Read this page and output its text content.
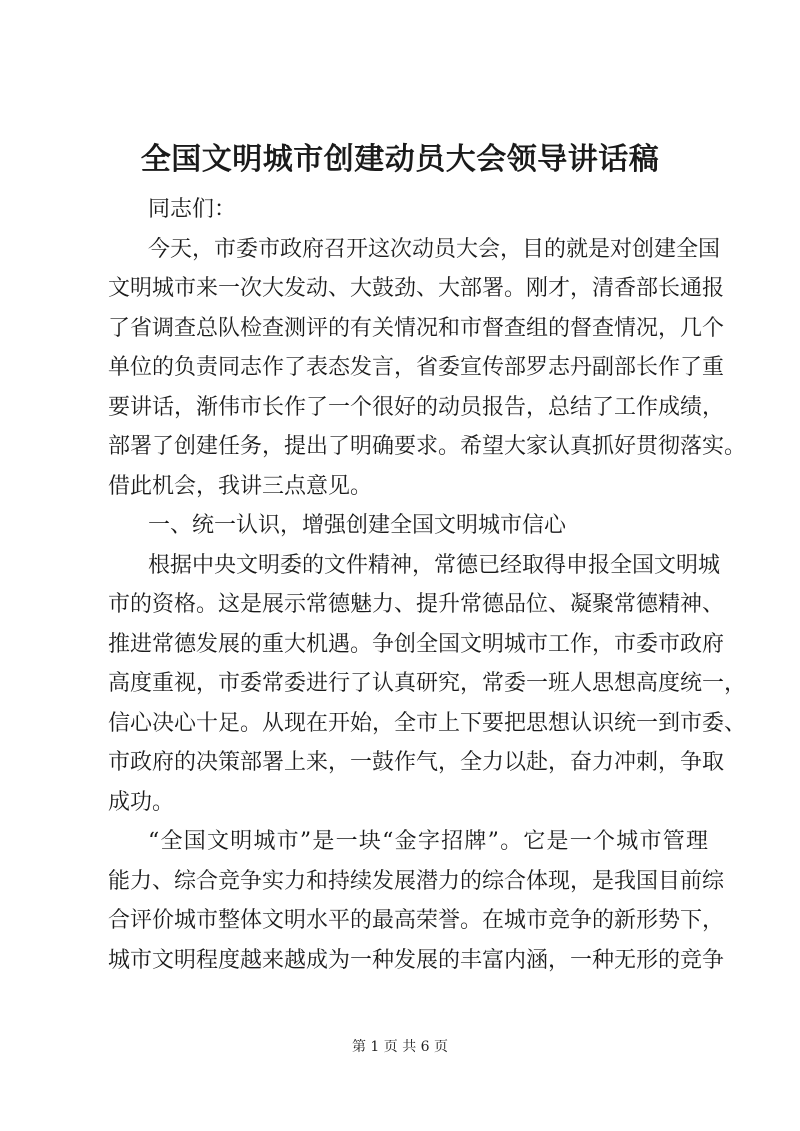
全国文明城市创建动员大会领导讲话稿
同志们：
今天，市委市政府召开这次动员大会，目的就是对创建全国
文明城市来一次大发动、大鼓劲、大部署。刚才，清香部长通报
了省调查总队检查测评的有关情况和市督查组的督查情况，几个
单位的负责同志作了表态发言，省委宣传部罗志丹副部长作了重
要讲话，渐伟市长作了一个很好的动员报告，总结了工作成绩，
部署了创建任务，提出了明确要求。希望大家认真抓好贯彻落实。
借此机会，我讲三点意见。
一、统一认识，增强创建全国文明城市信心
根据中央文明委的文件精神，常德已经取得申报全国文明城
市的资格。这是展示常德魅力、提升常德品位、凝聚常德精神、
推进常德发展的重大机遇。争创全国文明城市工作，市委市政府
高度重视，市委常委进行了认真研究，常委一班人思想高度统一，
信心决心十足。从现在开始，全市上下要把思想认识统一到市委、
市政府的决策部署上来，一鼓作气，全力以赴，奋力冲刺，争取
成功。
“全国文明城市”是一块“金字招牌”。它是一个城市管理
能力、综合竞争实力和持续发展潜力的综合体现，是我国目前综
合评价城市整体文明水平的最高荣誉。在城市竞争的新形势下，
城市文明程度越来越成为一种发展的丰富内涵，一种无形的竞争
第 1 页 共 6 页
